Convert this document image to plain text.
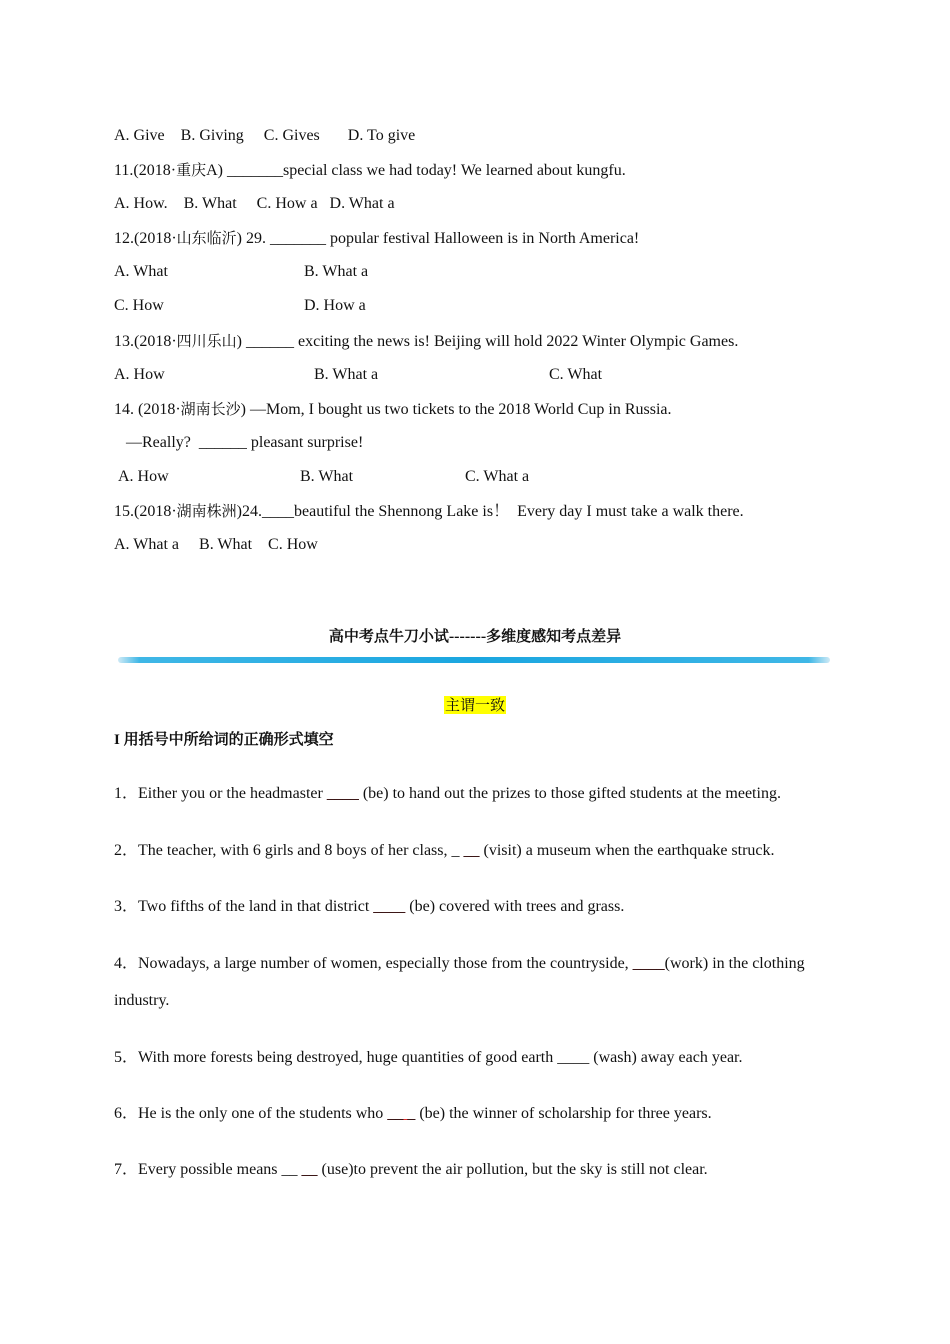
A. Give    B. Giving     C. Gives       D. To give
11.(2018·重庆A) _______special class we had today! We learned about kungfu.
A. How.    B. What     C. How a   D. What a
12.(2018·山东临沂) 29. _______ popular festival Halloween is in North America!
A. What	B. What a
C. How	D. How a
13.(2018·四川乐山) ______ exciting the news is! Beijing will hold 2022 Winter Olympic Games.
A. How	B. What a	C. What
14. (2018·湖南长沙) —Mom, I bought us two tickets to the 2018 World Cup in Russia.
—Really?  ______ pleasant surprise!
A. How	B. What	C. What a
15.(2018·湖南株洲)24.____beautiful the Shennong Lake is！  Every day I must take a walk there.
A. What a     B. What    C. How
高中考点牛刀小试-------多维度感知考点差异
主谓一致
I 用括号中所给词的正确形式填空
1．Either you or the headmaster ____ (be) to hand out the prizes to those gifted students at the meeting.
2．The teacher, with 6 girls and 8 boys of her class, _ __ (visit) a museum when the earthquake struck.
3．Two fifths of the land in that district ____ (be) covered with trees and grass.
4．Nowadays, a large number of women, especially those from the countryside, ____(work) in the clothing
industry.
5．With more forests being destroyed, huge quantities of good earth ____ (wash) away each year.
6．He is the only one of the students who __ _ (be) the winner of scholarship for three years.
7．Every possible means __ __ (use)to prevent the air pollution, but the sky is still not clear.
